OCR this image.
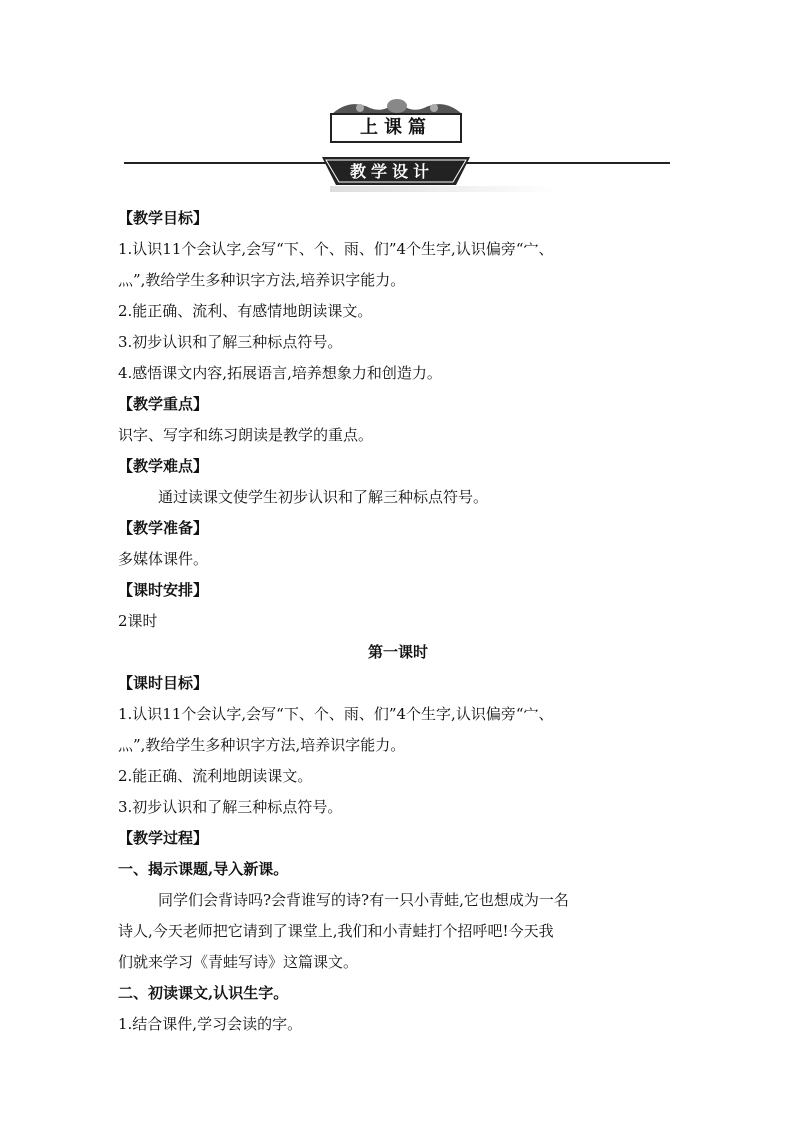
上课篇
教学设计
【教学目标】
1.认识11个会认字,会写“下、个、雨、们”4个生字,认识偏旁“宀、
灬”,教给学生多种识字方法,培养识字能力。
2.能正确、流利、有感情地朗读课文。
3.初步认识和了解三种标点符号。
4.感悟课文内容,拓展语言,培养想象力和创造力。
【教学重点】
识字、写字和练习朗读是教学的重点。
【教学难点】
通过读课文使学生初步认识和了解三种标点符号。
【教学准备】
多媒体课件。
【课时安排】
2课时
第一课时
【课时目标】
1.认识11个会认字,会写“下、个、雨、们”4个生字,认识偏旁“宀、
灬”,教给学生多种识字方法,培养识字能力。
2.能正确、流利地朗读课文。
3.初步认识和了解三种标点符号。
【教学过程】
一、揭示课题,导入新课。
同学们会背诗吗?会背谁写的诗?有一只小青蛙,它也想成为一名
诗人,今天老师把它请到了课堂上,我们和小青蛙打个招呼吧!今天我
们就来学习《青蛙写诗》这篇课文。
二、初读课文,认识生字。
1.结合课件,学习会读的字。
